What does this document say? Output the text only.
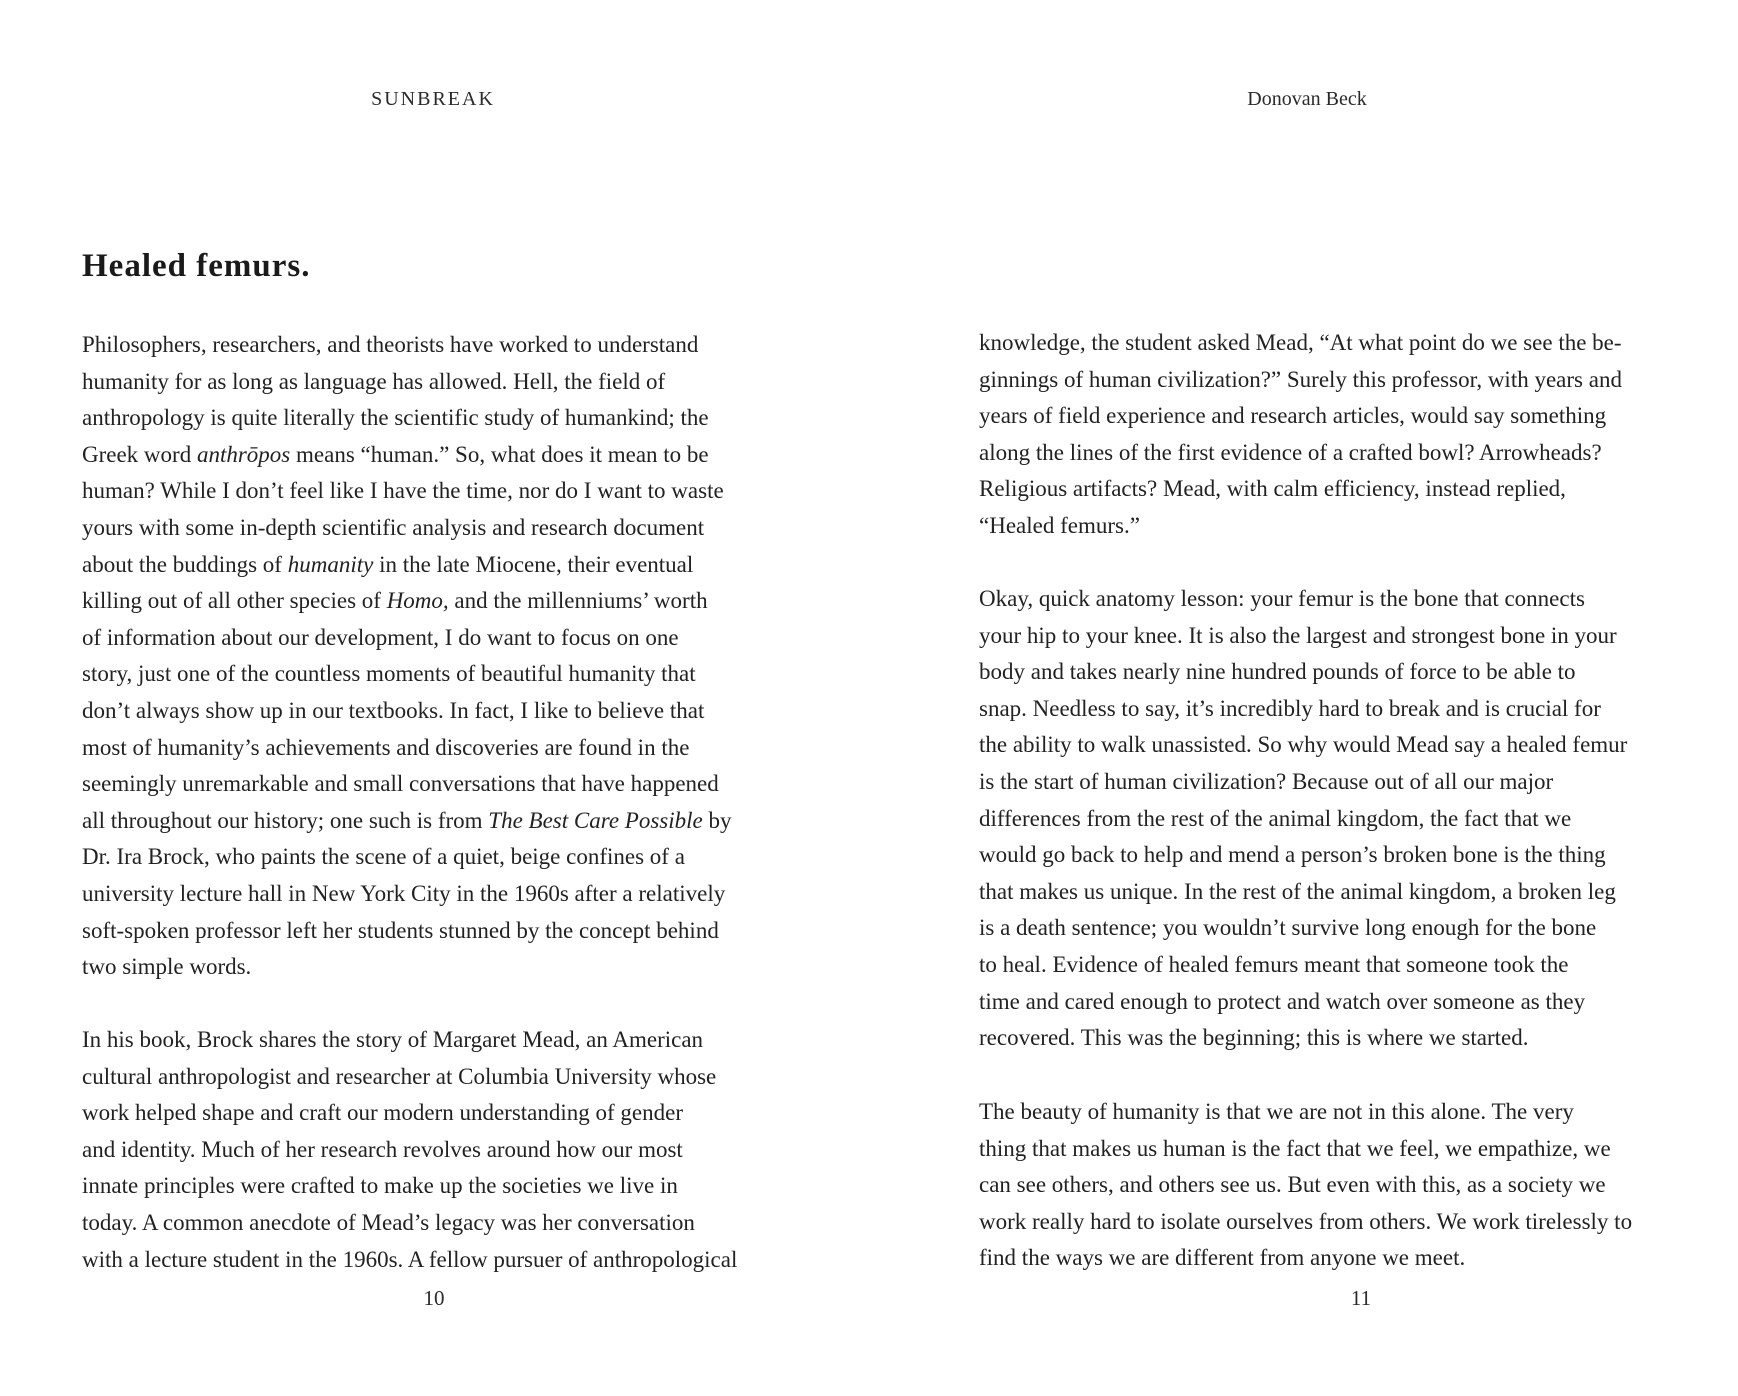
SUNBREAK

Healed femurs.

Philosophers, researchers, and theorists have worked to understand
humanity for as long as language has allowed. Hell, the field of
anthropology is quite literally the scientific study of humankind; the
Greek word anthrōpos means “human.” So, what does it mean to be
human? While I don’t feel like I have the time, nor do I want to waste
yours with some in-depth scientific analysis and research document
about the buddings of humanity in the late Miocene, their eventual
killing out of all other species of Homo, and the millenniums’ worth
of information about our development, I do want to focus on one
story, just one of the countless moments of beautiful humanity that
don’t always show up in our textbooks. In fact, I like to believe that
most of humanity’s achievements and discoveries are found in the
seemingly unremarkable and small conversations that have happened
all throughout our history; one such is from The Best Care Possible by
Dr. Ira Brock, who paints the scene of a quiet, beige confines of a
university lecture hall in New York City in the 1960s after a relatively
soft-spoken professor left her students stunned by the concept behind
two simple words.

In his book, Brock shares the story of Margaret Mead, an American
cultural anthropologist and researcher at Columbia University whose
work helped shape and craft our modern understanding of gender
and identity. Much of her research revolves around how our most
innate principles were crafted to make up the societies we live in
today. A common anecdote of Mead’s legacy was her conversation
with a lecture student in the 1960s. A fellow pursuer of anthropological

10

Donovan Beck

knowledge, the student asked Mead, “At what point do we see the be-
ginnings of human civilization?” Surely this professor, with years and
years of field experience and research articles, would say something
along the lines of the first evidence of a crafted bowl? Arrowheads?
Religious artifacts? Mead, with calm efficiency, instead replied,
“Healed femurs.”

Okay, quick anatomy lesson: your femur is the bone that connects
your hip to your knee. It is also the largest and strongest bone in your
body and takes nearly nine hundred pounds of force to be able to
snap. Needless to say, it’s incredibly hard to break and is crucial for
the ability to walk unassisted. So why would Mead say a healed femur
is the start of human civilization? Because out of all our major
differences from the rest of the animal kingdom, the fact that we
would go back to help and mend a person’s broken bone is the thing
that makes us unique. In the rest of the animal kingdom, a broken leg
is a death sentence; you wouldn’t survive long enough for the bone
to heal. Evidence of healed femurs meant that someone took the
time and cared enough to protect and watch over someone as they
recovered. This was the beginning; this is where we started.

The beauty of humanity is that we are not in this alone. The very
thing that makes us human is the fact that we feel, we empathize, we
can see others, and others see us. But even with this, as a society we
work really hard to isolate ourselves from others. We work tirelessly to
find the ways we are different from anyone we meet.

11
